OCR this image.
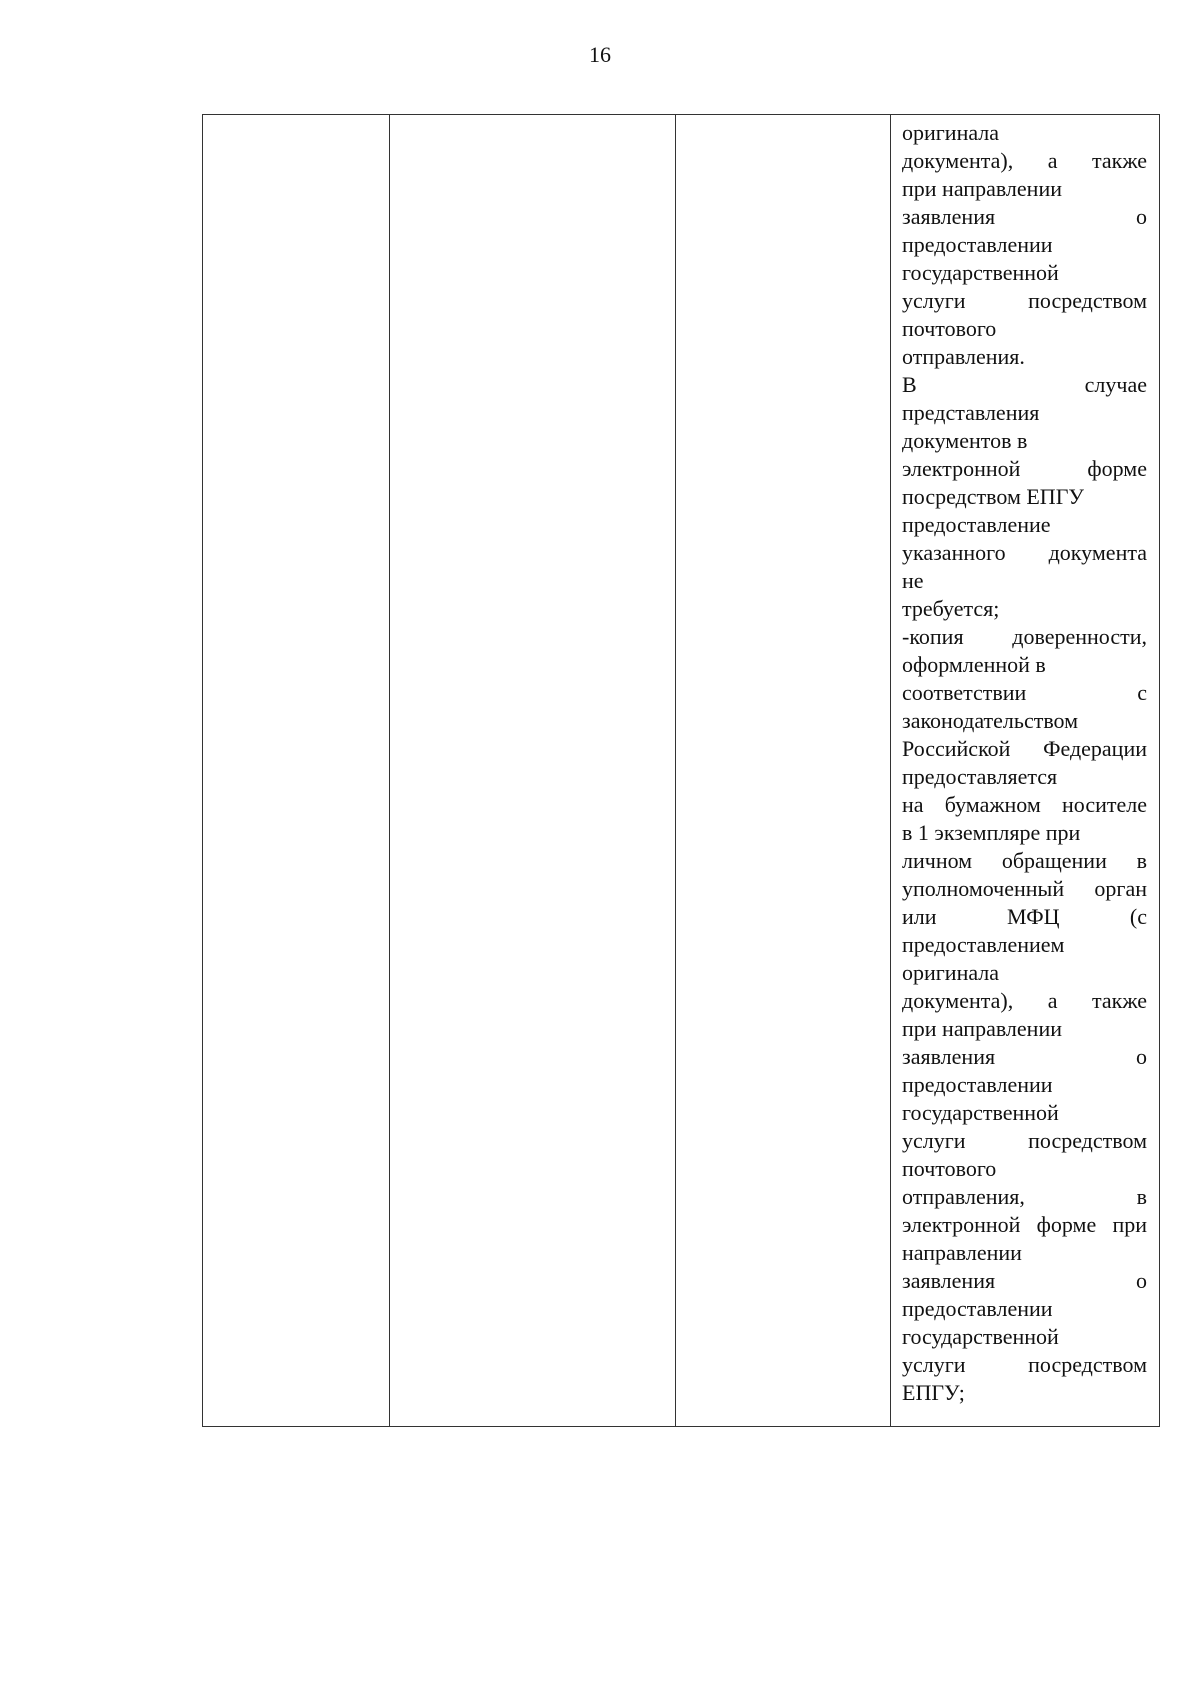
16
оригинала
документа), а также
при направлении
заявления о
предоставлении
государственной
услуги посредством
почтового
отправления.
В случае
представления
документов в
электронной форме
посредством ЕПГУ
предоставление
указанного документа
не
требуется;
-копия доверенности,
оформленной в
соответствии с
законодательством
Российской Федерации
предоставляется
на бумажном носителе
в 1 экземпляре при
личном обращении в
уполномоченный орган
или МФЦ (с
предоставлением
оригинала
документа), а также
при направлении
заявления о
предоставлении
государственной
услуги посредством
почтового
отправления, в
электронной форме при
направлении
заявления о
предоставлении
государственной
услуги посредством
ЕПГУ;
